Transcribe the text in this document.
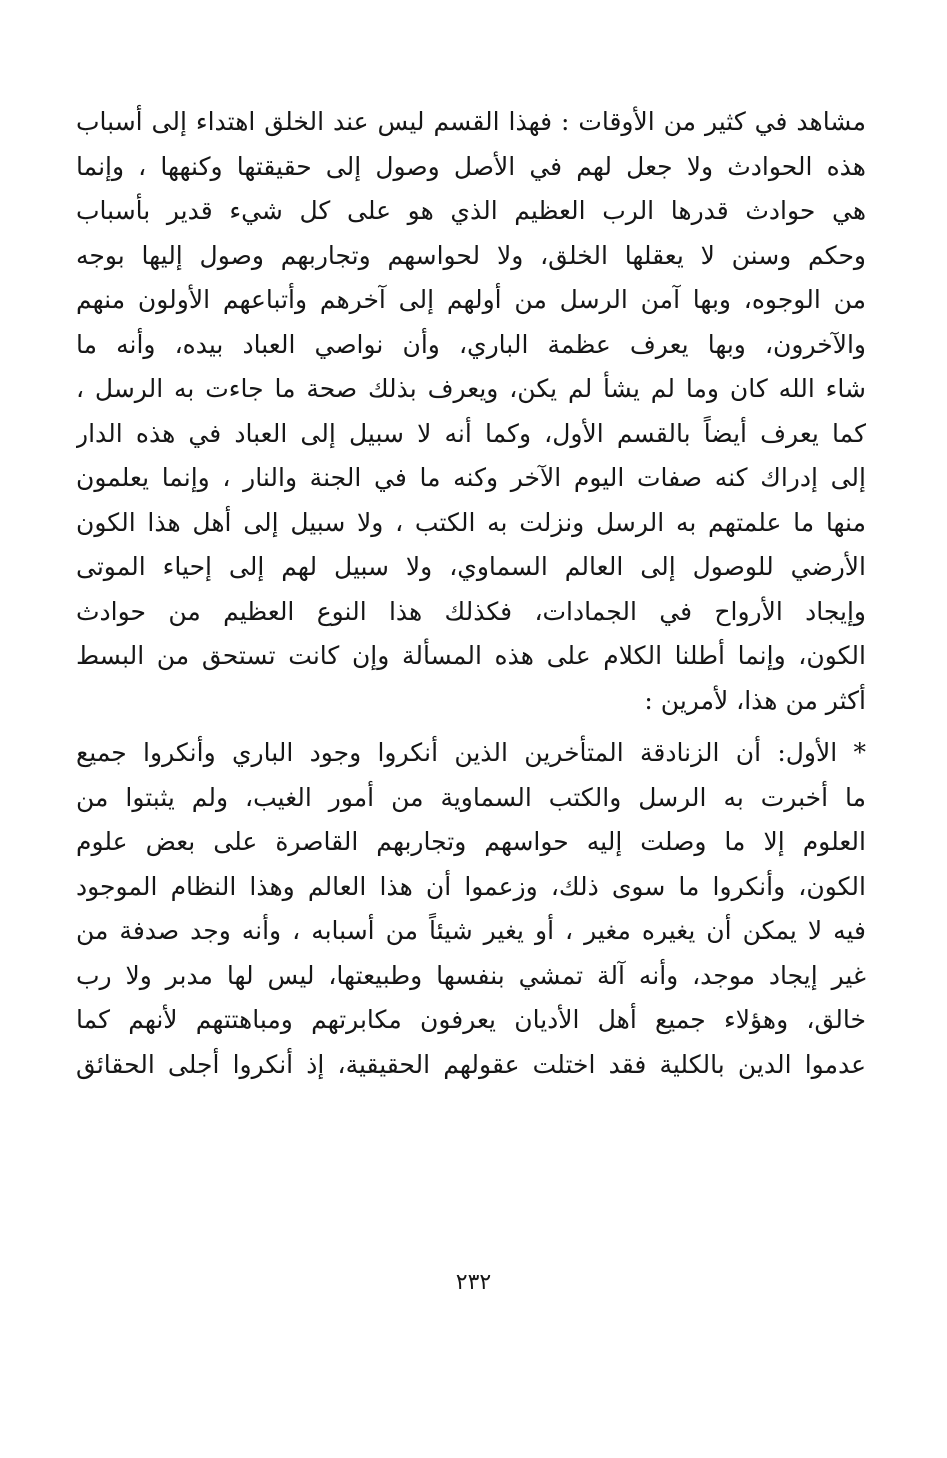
مشاهد في كثير من الأوقات : فهذا القسم ليس عند الخلق اهتداء إلى أسباب
هذه الحوادث ولا جعل لهم في الأصل وصول إلى حقيقتها وكنهها ، وإنما
هي حوادث قدرها الرب العظيم الذي هو على كل شيء قدير بأسباب
وحكم وسنن لا يعقلها الخلق، ولا لحواسهم وتجاربهم وصول إليها بوجه
من الوجوه، وبها آمن الرسل من أولهم إلى آخرهم وأتباعهم الأولون منهم
والآخرون، وبها يعرف عظمة الباري، وأن نواصي العباد بيده، وأنه ما
شاء الله كان وما لم يشأ لم يكن، ويعرف بذلك صحة ما جاءت به الرسل ،
كما يعرف أيضاً بالقسم الأول، وكما أنه لا سبيل إلى العباد في هذه الدار
إلى إدراك كنه صفات اليوم الآخر وكنه ما في الجنة والنار ، وإنما يعلمون
منها ما علمتهم به الرسل ونزلت به الكتب ، ولا سبيل إلى أهل هذا الكون
الأرضي للوصول إلى العالم السماوي، ولا سبيل لهم إلى إحياء الموتى
وإيجاد الأرواح في الجمادات، فكذلك هذا النوع العظيم من حوادث
الكون، وإنما أطلنا الكلام على هذه المسألة وإن كانت تستحق من البسط
أكثر من هذا، لأمرين :
* الأول: أن الزنادقة المتأخرين الذين أنكروا وجود الباري وأنكروا جميع
ما أخبرت به الرسل والكتب السماوية من أمور الغيب، ولم يثبتوا من
العلوم إلا ما وصلت إليه حواسهم وتجاربهم القاصرة على بعض علوم
الكون، وأنكروا ما سوى ذلك، وزعموا أن هذا العالم وهذا النظام الموجود
فيه لا يمكن أن يغيره مغير ، أو يغير شيئاً من أسبابه ، وأنه وجد صدفة من
غير إيجاد موجد، وأنه آلة تمشي بنفسها وطبيعتها، ليس لها مدبر ولا رب
خالق، وهؤلاء جميع أهل الأديان يعرفون مكابرتهم ومباهتتهم لأنهم كما
عدموا الدين بالكلية فقد اختلت عقولهم الحقيقية، إذ أنكروا أجلى الحقائق
٢٣٢
